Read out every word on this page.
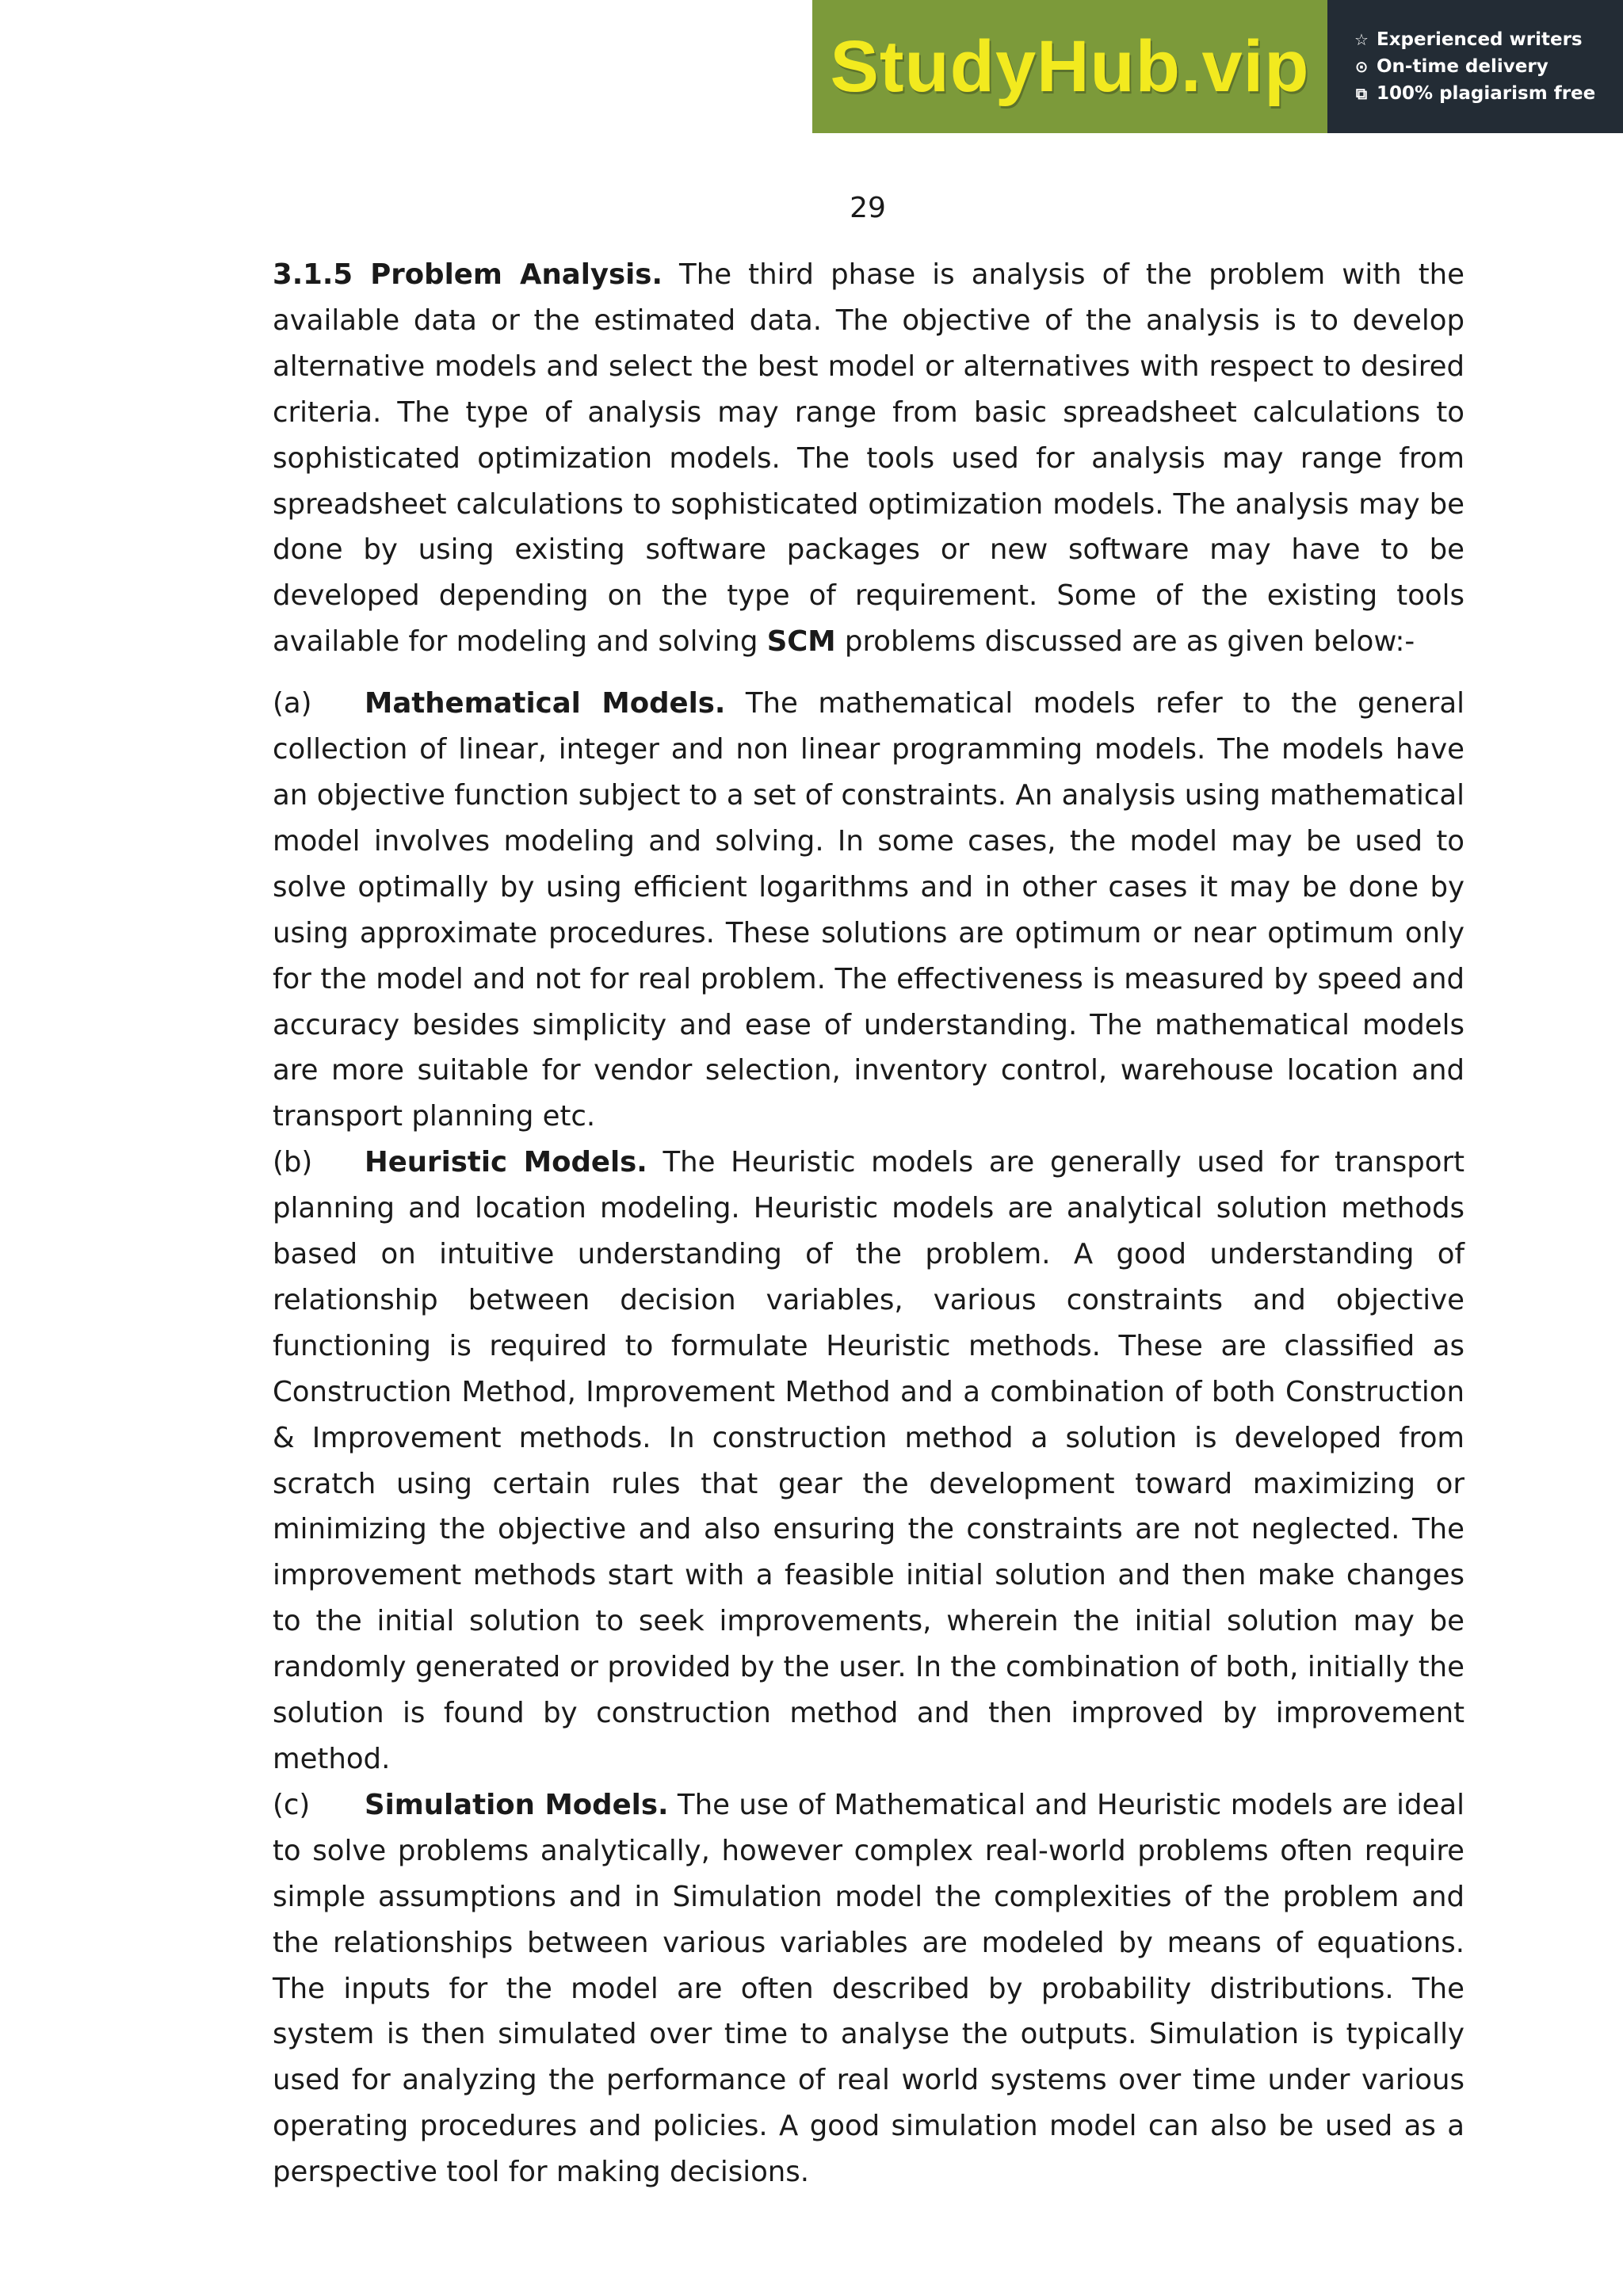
StudyHub.vip	☆ Experienced writers
⊙ On-time delivery
⧉ 100% plagiarism free
29

3.1.5 Problem Analysis. The third phase is analysis of the problem with the available data or the estimated data. The objective of the analysis is to develop alternative models and select the best model or alternatives with respect to desired criteria. The type of analysis may range from basic spreadsheet calculations to sophisticated optimization models. The tools used for analysis may range from spreadsheet calculations to sophisticated optimization models. The analysis may be done by using existing software packages or new software may have to be developed depending on the type of requirement. Some of the existing tools available for modeling and solving SCM problems discussed are as given below:-

(a) Mathematical Models. The mathematical models refer to the general collection of linear, integer and non linear programming models. The models have an objective function subject to a set of constraints. An analysis using mathematical model involves modeling and solving. In some cases, the model may be used to solve optimally by using efficient logarithms and in other cases it may be done by using approximate procedures. These solutions are optimum or near optimum only for the model and not for real problem. The effectiveness is measured by speed and accuracy besides simplicity and ease of understanding. The mathematical models are more suitable for vendor selection, inventory control, warehouse location and transport planning etc.

(b) Heuristic Models. The Heuristic models are generally used for transport planning and location modeling. Heuristic models are analytical solution methods based on intuitive understanding of the problem. A good understanding of relationship between decision variables, various constraints and objective functioning is required to formulate Heuristic methods. These are classified as Construction Method, Improvement Method and a combination of both Construction & Improvement methods. In construction method a solution is developed from scratch using certain rules that gear the development toward maximizing or minimizing the objective and also ensuring the constraints are not neglected. The improvement methods start with a feasible initial solution and then make changes to the initial solution to seek improvements, wherein the initial solution may be randomly generated or provided by the user. In the combination of both, initially the solution is found by construction method and then improved by improvement method.

(c) Simulation Models. The use of Mathematical and Heuristic models are ideal to solve problems analytically, however complex real-world problems often require simple assumptions and in Simulation model the complexities of the problem and the relationships between various variables are modeled by means of equations. The inputs for the model are often described by probability distributions. The system is then simulated over time to analyse the outputs. Simulation is typically used for analyzing the performance of real world systems over time under various operating procedures and policies. A good simulation model can also be used as a perspective tool for making decisions.
